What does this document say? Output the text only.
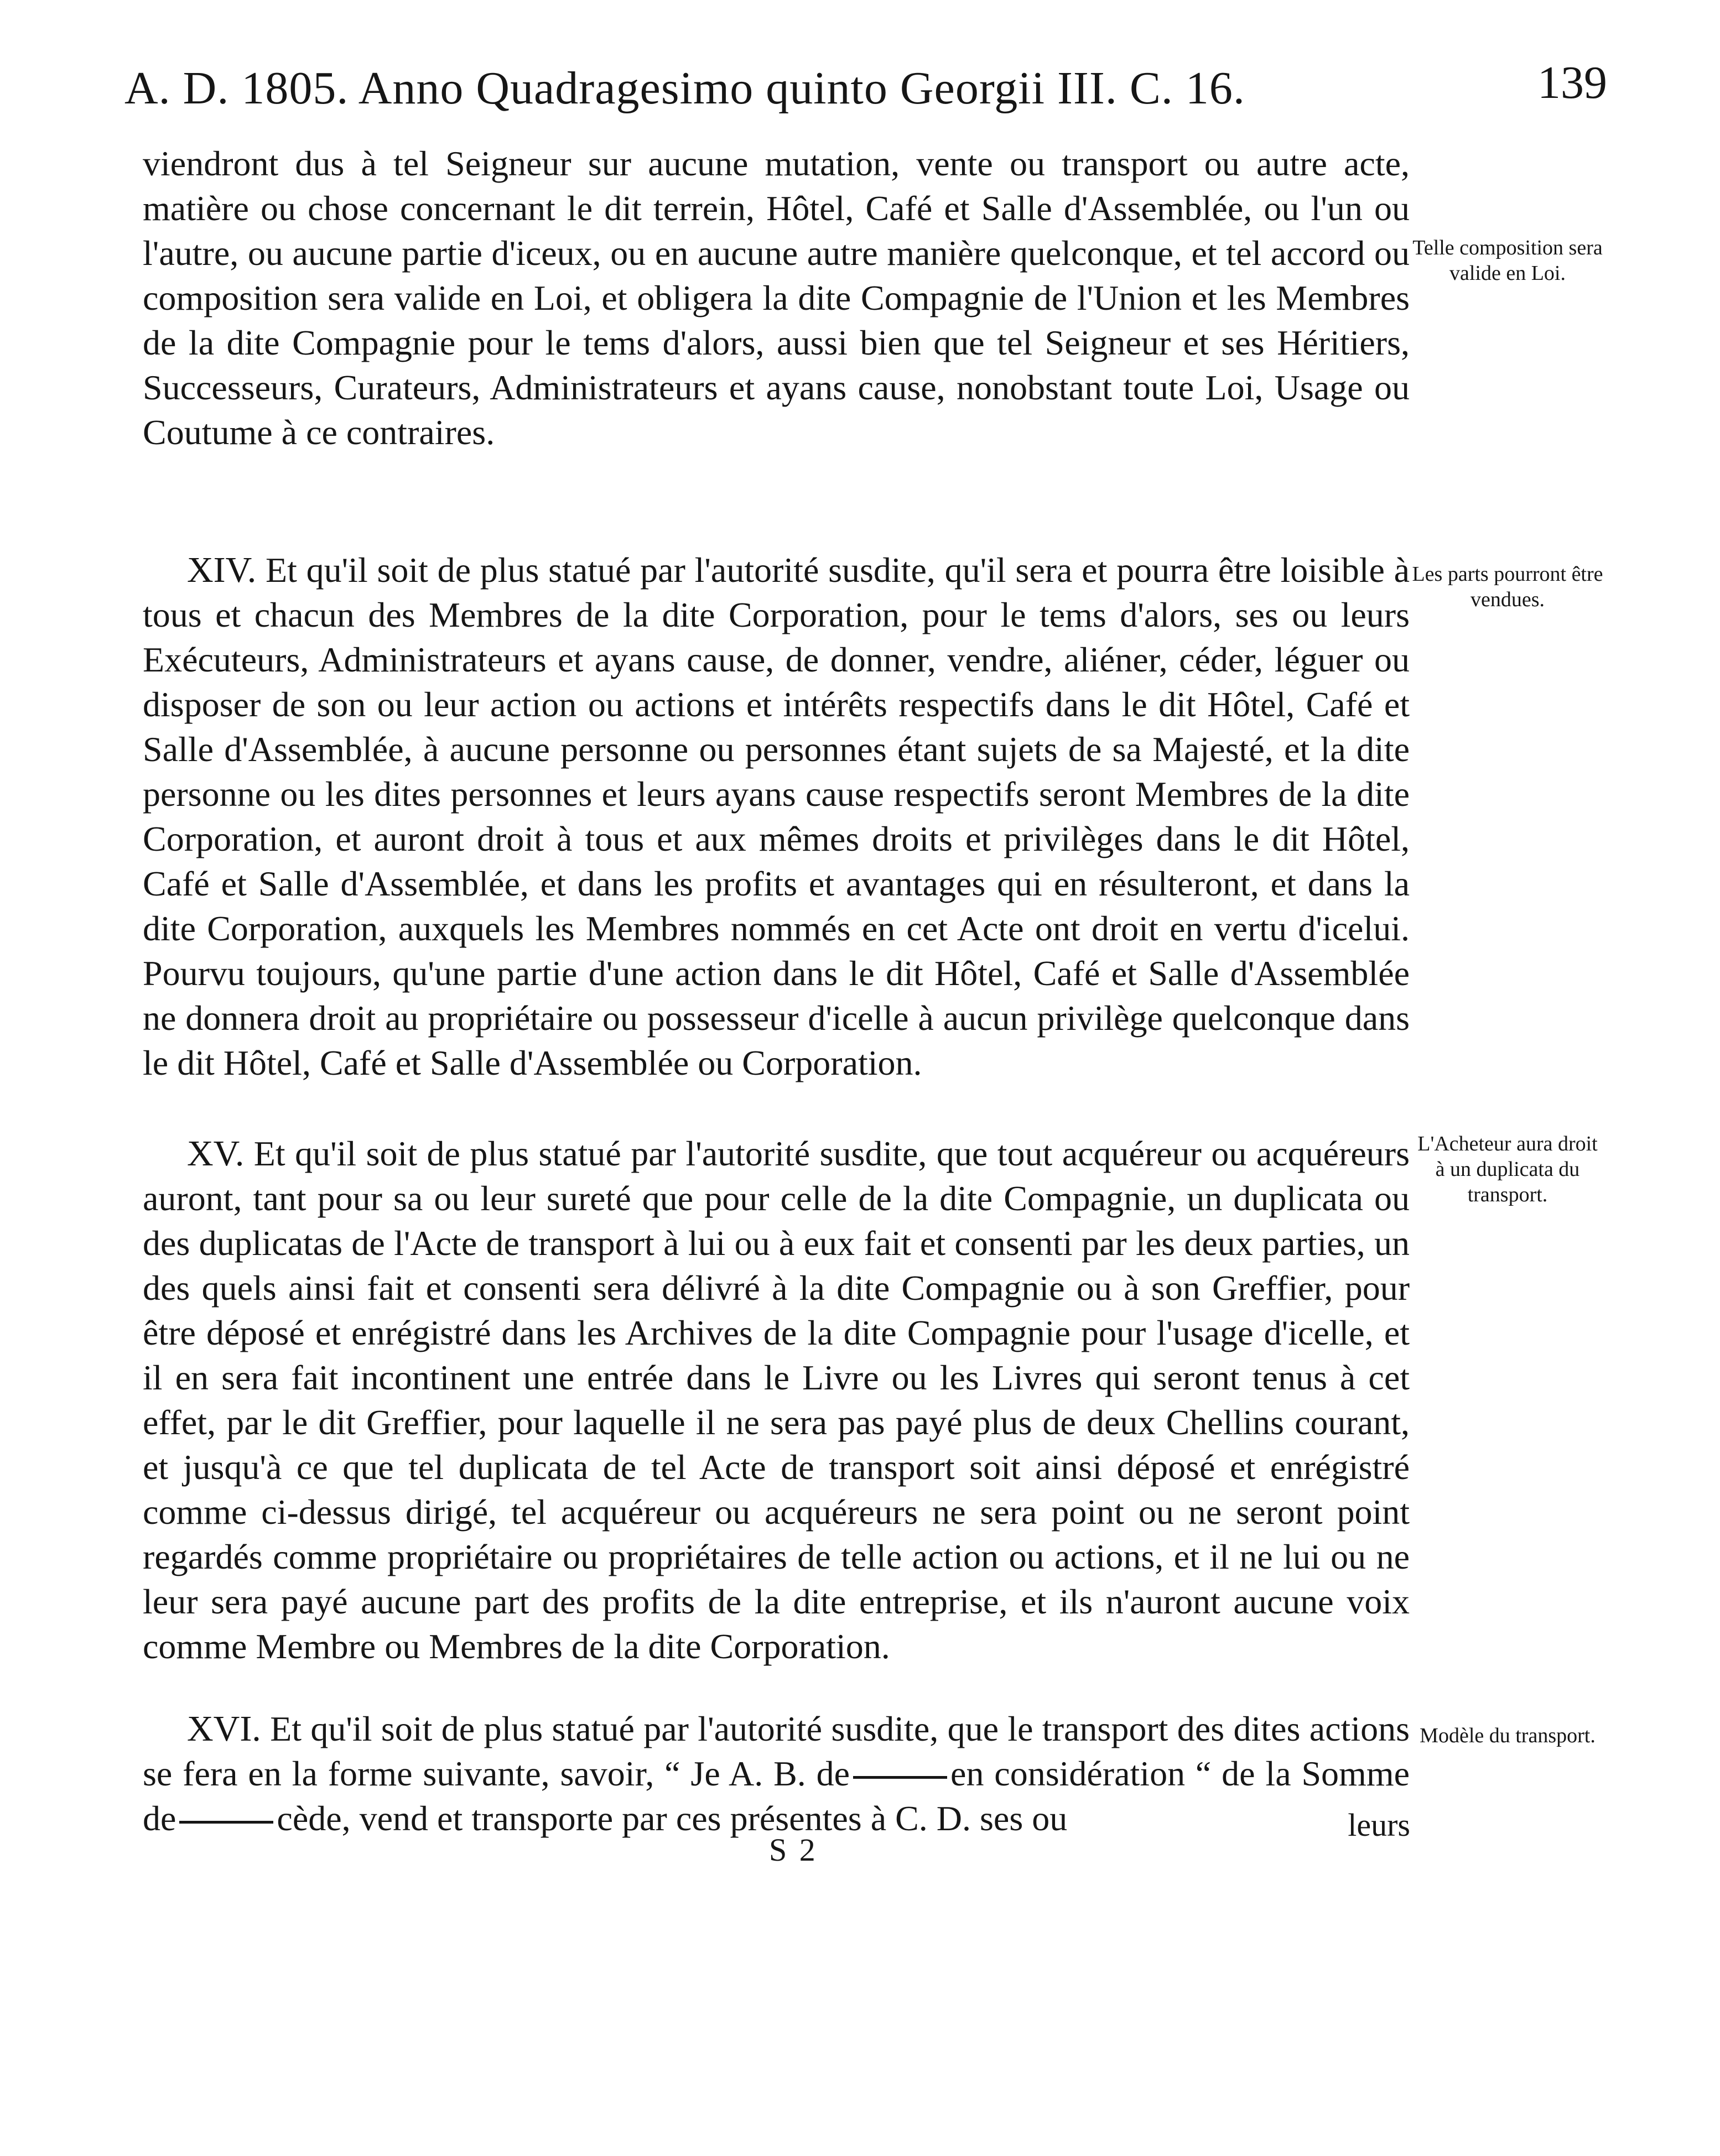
A. D. 1805. Anno Quadragesimo quinto Georgii III. C. 16.	139

viendront dus à tel Seigneur sur aucune mutation, vente ou transport ou autre acte, matière ou chose concernant le dit terrein, Hôtel, Café et Salle d'Assemblée, ou l'un ou l'autre, ou aucune partie d'iceux, ou en aucune autre manière quelconque, et tel accord ou composition sera valide en Loi, et obligera la dite Compagnie de l'Union et les Membres de la dite Compagnie pour le tems d'alors, aussi bien que tel Seigneur et ses Héritiers, Successeurs, Curateurs, Administrateurs et ayans cause, nonobstant toute Loi, Usage ou Coutume à ce contraires.

Telle composition sera valide en Loi.

XIV. Et qu'il soit de plus statué par l'autorité susdite, qu'il sera et pourra être loisible à tous et chacun des Membres de la dite Corporation, pour le tems d'alors, ses ou leurs Exécuteurs, Administrateurs et ayans cause, de donner, vendre, aliéner, céder, léguer ou disposer de son ou leur action ou actions et intérêts respectifs dans le dit Hôtel, Café et Salle d'Assemblée, à aucune personne ou personnes étant sujets de sa Majesté, et la dite personne ou les dites personnes et leurs ayans cause respectifs seront Membres de la dite Corporation, et auront droit à tous et aux mêmes droits et privilèges dans le dit Hôtel, Café et Salle d'Assemblée, et dans les profits et avantages qui en résulteront, et dans la dite Corporation, auxquels les Membres nommés en cet Acte ont droit en vertu d'icelui. Pourvu toujours, qu'une partie d'une action dans le dit Hôtel, Café et Salle d'Assemblée ne donnera droit au propriétaire ou possesseur d'icelle à aucun privilège quelconque dans le dit Hôtel, Café et Salle d'Assemblée ou Corporation.

Les parts pourront être vendues.

XV. Et qu'il soit de plus statué par l'autorité susdite, que tout acquéreur ou acquéreurs auront, tant pour sa ou leur sureté que pour celle de la dite Compagnie, un duplicata ou des duplicatas de l'Acte de transport à lui ou à eux fait et consenti par les deux parties, un des quels ainsi fait et consenti sera délivré à la dite Compagnie ou à son Greffier, pour être déposé et enrégistré dans les Archives de la dite Compagnie pour l'usage d'icelle, et il en sera fait incontinent une entrée dans le Livre ou les Livres qui seront tenus à cet effet, par le dit Greffier, pour laquelle il ne sera pas payé plus de deux Chellins courant, et jusqu'à ce que tel duplicata de tel Acte de transport soit ainsi déposé et enrégistré comme ci-dessus dirigé, tel acquéreur ou acquéreurs ne sera point ou ne seront point regardés comme propriétaire ou propriétaires de telle action ou actions, et il ne lui ou ne leur sera payé aucune part des profits de la dite entreprise, et ils n'auront aucune voix comme Membre ou Membres de la dite Corporation.

L'Acheteur aura droit à un duplicata du transport.

XVI. Et qu'il soit de plus statué par l'autorité susdite, que le transport des dites actions se fera en la forme suivante, savoir, “ Je A. B. de	en considération “ de la Somme de	cède, vend et transporte par ces présentes à C. D. ses ou

Modèle du transport.
S 2
leurs
